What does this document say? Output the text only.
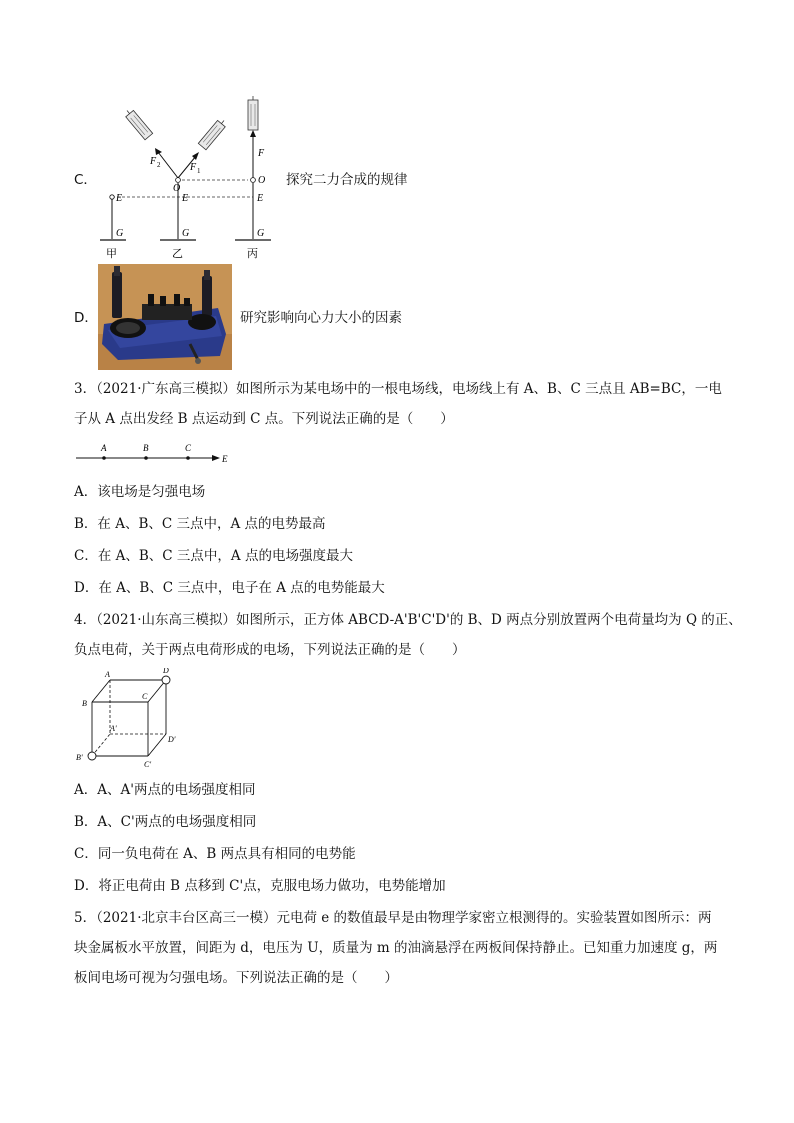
C．
F 2	F 1
F
O
O
E	E	E
G	G	G
甲	乙	丙
探究二力合成的规律
D．	研究影响向心力大小的因素
3．（2021·广东高三模拟）如图所示为某电场中的一根电场线，电场线上有 A、B、C 三点且 AB=BC，一电
子从 A 点出发经 B 点运动到 C 点。下列说法正确的是（　　）
A	B	C
E
A．该电场是匀强电场
B．在 A、B、C 三点中，A 点的电势最高
C．在 A、B、C 三点中，A 点的电场强度最大
D．在 A、B、C 三点中，电子在 A 点的电势能最大
4．（2021·山东高三模拟）如图所示，正方体 ABCD-A'B'C'D'的 B、D 两点分别放置两个电荷量均为 Q 的正、
负点电荷，关于两点电荷形成的电场，下列说法正确的是（　　）
A
B
C
D
A'
B'
C'
D'
A．A、A'两点的电场强度相同
B．A、C'两点的电场强度相同
C．同一负电荷在 A、B 两点具有相同的电势能
D．将正电荷由 B 点移到 C'点，克服电场力做功，电势能增加
5．（2021·北京丰台区高三一模）元电荷 e 的数值最早是由物理学家密立根测得的。实验装置如图所示：两
块金属板水平放置，间距为 d，电压为 U，质量为 m 的油滴悬浮在两板间保持静止。已知重力加速度 g，两
板间电场可视为匀强电场。下列说法正确的是（　　）
